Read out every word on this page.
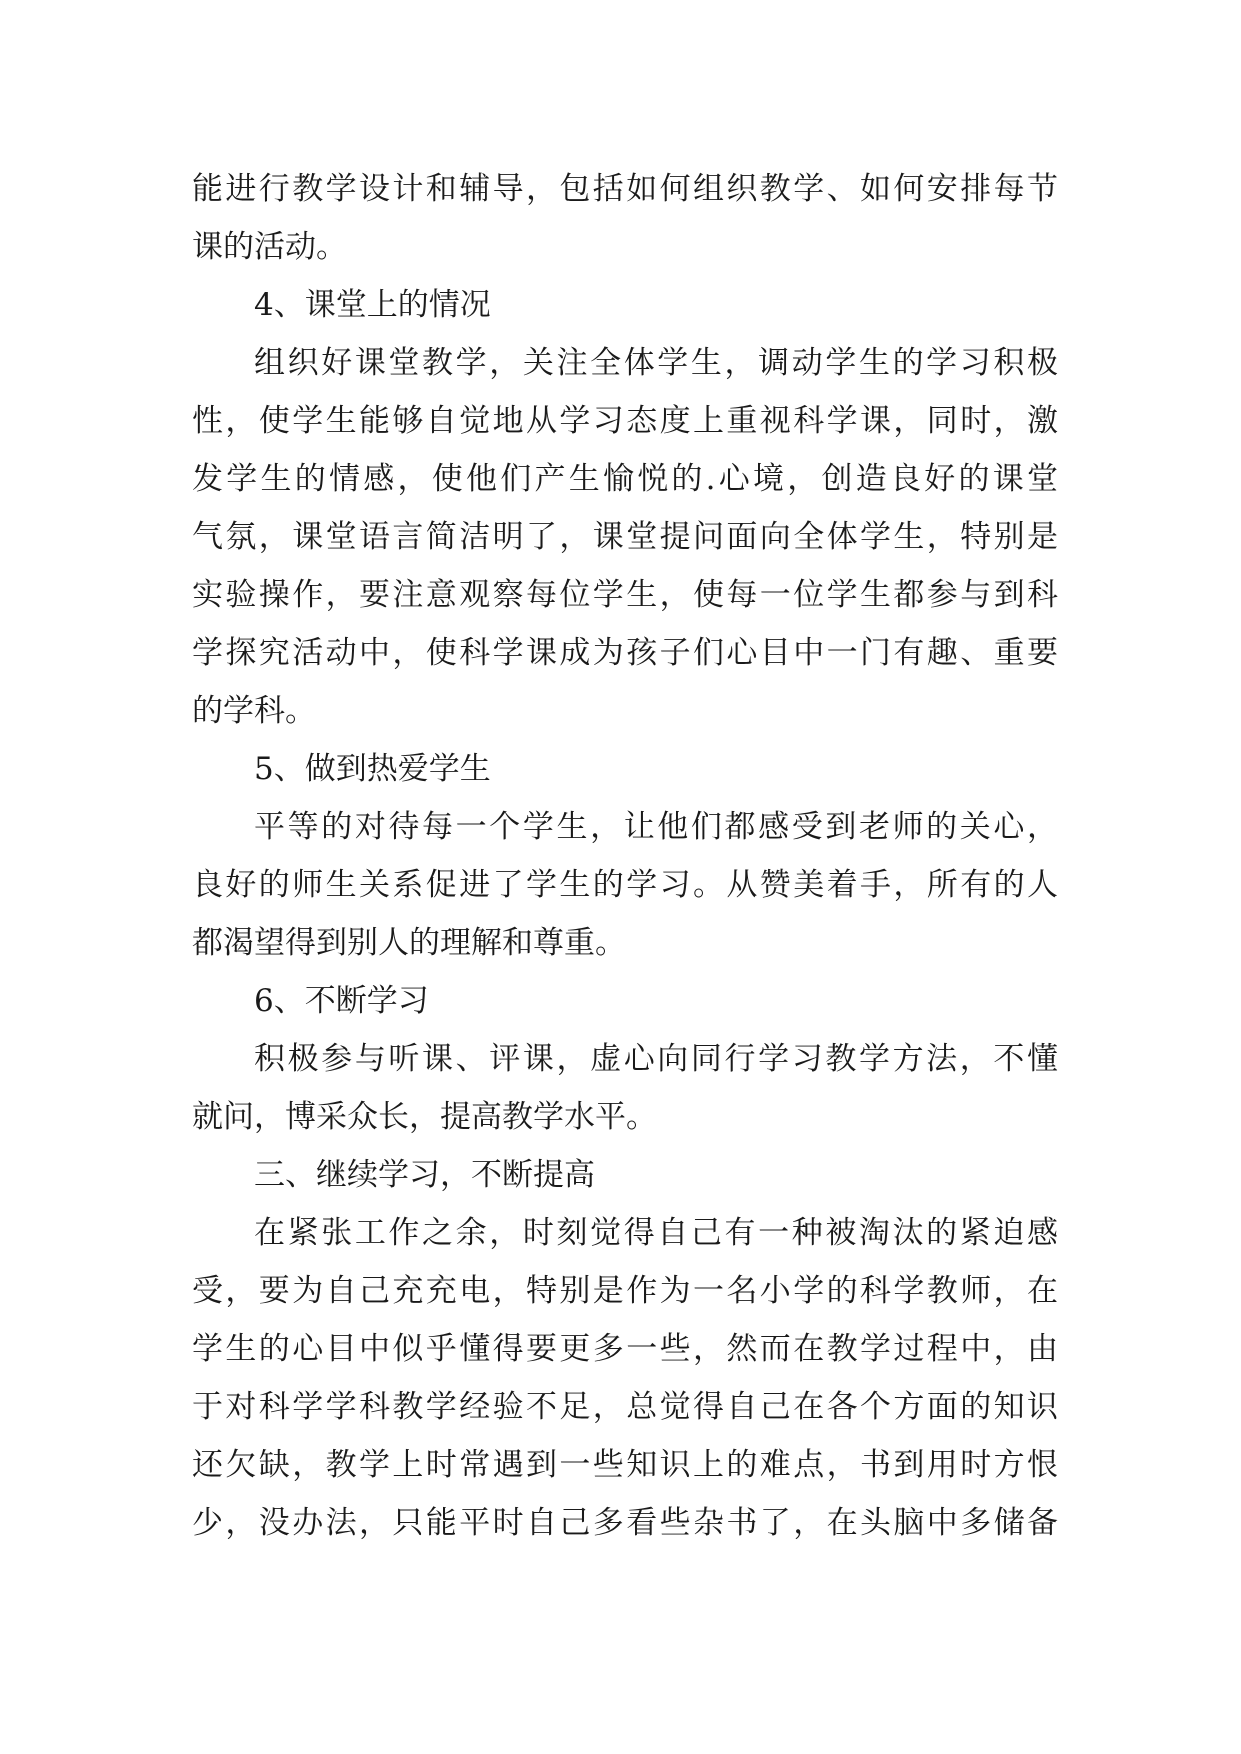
能进行教学设计和辅导，包括如何组织教学、如何安排每节
课的活动。
4、课堂上的情况
组织好课堂教学，关注全体学生，调动学生的学习积极
性，使学生能够自觉地从学习态度上重视科学课，同时，激
发学生的情感，使他们产生愉悦的.心境，创造良好的课堂
气氛，课堂语言简洁明了，课堂提问面向全体学生，特别是
实验操作，要注意观察每位学生，使每一位学生都参与到科
学探究活动中，使科学课成为孩子们心目中一门有趣、重要
的学科。
5、做到热爱学生
平等的对待每一个学生，让他们都感受到老师的关心，
良好的师生关系促进了学生的学习。从赞美着手，所有的人
都渴望得到别人的理解和尊重。
6、不断学习
积极参与听课、评课，虚心向同行学习教学方法，不懂
就问，博采众长，提高教学水平。
三、继续学习，不断提高
在紧张工作之余，时刻觉得自己有一种被淘汰的紧迫感
受，要为自己充充电，特别是作为一名小学的科学教师，在
学生的心目中似乎懂得要更多一些，然而在教学过程中，由
于对科学学科教学经验不足，总觉得自己在各个方面的知识
还欠缺，教学上时常遇到一些知识上的难点，书到用时方恨
少，没办法，只能平时自己多看些杂书了，在头脑中多储备
